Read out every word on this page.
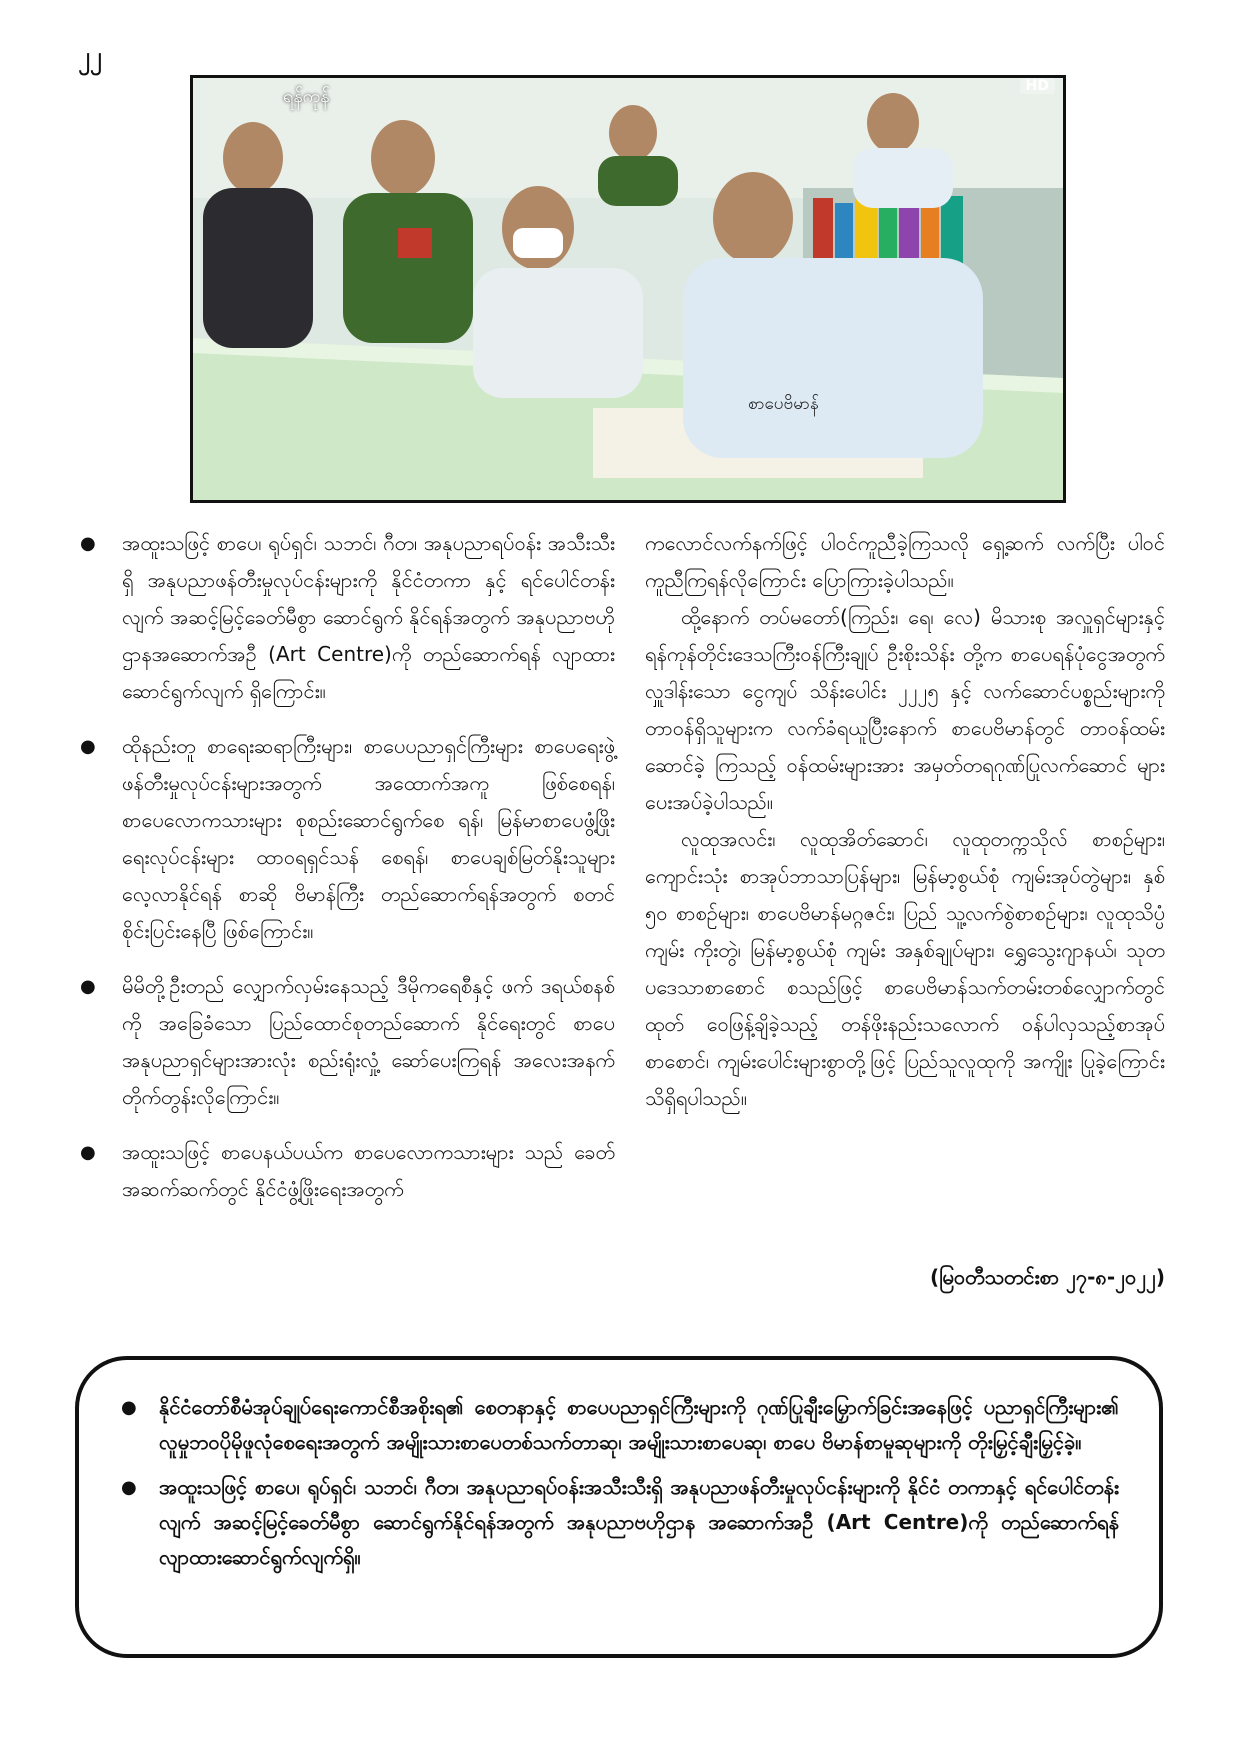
၂၂
ရန်ကုန်	HD
စာပေဗိမာန်
● အထူးသဖြင့် စာပေ၊ ရုပ်ရှင်၊ သဘင်၊ ဂီတ၊ အနုပညာရပ်ဝန်း အသီးသီးရှိ အနုပညာဖန်တီးမှုလုပ်ငန်းများကို နိုင်ငံတကာ နှင့် ရင်ပေါင်တန်းလျက် အဆင့်မြင့်ခေတ်မီစွာ ဆောင်ရွက် နိုင်ရန်အတွက် အနုပညာဗဟိုဌာနအဆောက်အဦ (Art Centre)ကို တည်ဆောက်ရန် လျာထားဆောင်ရွက်လျက် ရှိကြောင်း။
● ထိုနည်းတူ စာရေးဆရာကြီးများ၊ စာပေပညာရှင်ကြီးများ စာပေရေးဖွဲ့ဖန်တီးမှုလုပ်ငန်းများအတွက် အထောက်အကူ ဖြစ်စေရန်၊ စာပေလောကသားများ စုစည်းဆောင်ရွက်စေ ရန်၊ မြန်မာစာပေဖွံ့ဖြိုးရေးလုပ်ငန်းများ ထာဝရရှင်သန် စေရန်၊ စာပေချစ်မြတ်နိုးသူများ လေ့လာနိုင်ရန် စာဆို ဗိမာန်ကြီး တည်ဆောက်ရန်အတွက် စတင်စိုင်းပြင်းနေပြီ ဖြစ်ကြောင်း။
● မိမိတို့ဦးတည် လျှောက်လှမ်းနေသည့် ဒီမိုကရေစီနှင့် ဖက် ဒရယ်စနစ်ကို အခြေခံသော ပြည်ထောင်စုတည်ဆောက် နိုင်ရေးတွင် စာပေအနုပညာရှင်များအားလုံး စည်းရုံးလှုံ့ ဆော်ပေးကြရန် အလေးအနက် တိုက်တွန်းလိုကြောင်း။
● အထူးသဖြင့် စာပေနယ်ပယ်က စာပေလောကသားများ သည် ခေတ်အဆက်ဆက်တွင် နိုင်ငံဖွံ့ဖြိုးရေးအတွက်

ကလောင်လက်နက်ဖြင့် ပါဝင်ကူညီခဲ့ကြသလို ရှေ့ဆက် လက်ပြီး ပါဝင်ကူညီကြရန်လိုကြောင်း ပြောကြားခဲ့ပါသည်။

ထို့နောက် တပ်မတော်(ကြည်း၊ ရေ၊ လေ) မိသားစု အလှူရှင်များနှင့် ရန်ကုန်တိုင်းဒေသကြီးဝန်ကြီးချုပ် ဦးစိုးသိန်း တို့က စာပေရန်ပုံငွေအတွက် လှူဒါန်းသော ငွေကျပ် သိန်းပေါင်း ၂၂၂၅ နှင့် လက်ဆောင်ပစ္စည်းများကို တာဝန်ရှိသူများက လက်ခံရယူပြီးနောက် စာပေဗိမာန်တွင် တာဝန်ထမ်းဆောင်ခဲ့ ကြသည့် ဝန်ထမ်းများအား အမှတ်တရဂုဏ်ပြုလက်ဆောင် များ ပေးအပ်ခဲ့ပါသည်။

လူထုအလင်း၊ လူထုအိတ်ဆောင်၊ လူထုတက္ကသိုလ် စာစဉ်များ၊ ကျောင်းသုံး စာအုပ်ဘာသာပြန်များ၊ မြန်မာ့စွယ်စုံ ကျမ်းအုပ်တွဲများ၊ နှစ် ၅၀ စာစဉ်များ၊ စာပေဗိမာန်မဂ္ဂဇင်း၊ ပြည် သူ့လက်စွဲစာစဉ်များ၊ လူထုသိပ္ပံကျမ်း ကိုးတွဲ၊ မြန်မာ့စွယ်စုံ ကျမ်း အနှစ်ချုပ်များ၊ ရွှေသွေးဂျာနယ်၊ သုတပဒေသာစာစောင် စသည်ဖြင့် စာပေဗိမာန်သက်တမ်းတစ်လျှောက်တွင် ထုတ် ဝေဖြန့်ချိခဲ့သည့် တန်ဖိုးနည်းသလောက် ဝန်ပါလှသည့်စာအုပ် စာစောင်၊ ကျမ်းပေါင်းများစွာတို့ဖြင့် ပြည်သူလူထုကို အကျိုး ပြုခဲ့ကြောင်း သိရှိရပါသည်။

(မြဝတီသတင်းစာ ၂၇-၈-၂၀၂၂)
● နိုင်ငံတော်စီမံအုပ်ချုပ်ရေးကောင်စီအစိုးရ၏ စေတနာနှင့် စာပေပညာရှင်ကြီးများကို ဂုဏ်ပြုချီးမြှောက်ခြင်းအနေဖြင့် ပညာရှင်ကြီးများ၏ လူမှုဘဝပိုမိုဖူလုံစေရေးအတွက် အမျိုးသားစာပေတစ်သက်တာဆု၊ အမျိုးသားစာပေဆု၊ စာပေ ဗိမာန်စာမူဆုများကို တိုးမြှင့်ချီးမြှင့်ခဲ့။
● အထူးသဖြင့် စာပေ၊ ရုပ်ရှင်၊ သဘင်၊ ဂီတ၊ အနုပညာရပ်ဝန်းအသီးသီးရှိ အနုပညာဖန်တီးမှုလုပ်ငန်းများကို နိုင်ငံ တကာနှင့် ရင်ပေါင်တန်းလျက် အဆင့်မြင့်ခေတ်မီစွာ ဆောင်ရွက်နိုင်ရန်အတွက် အနုပညာဗဟိုဌာန အဆောက်အဦ (Art Centre)ကို တည်ဆောက်ရန် လျာထားဆောင်ရွက်လျက်ရှိ။
